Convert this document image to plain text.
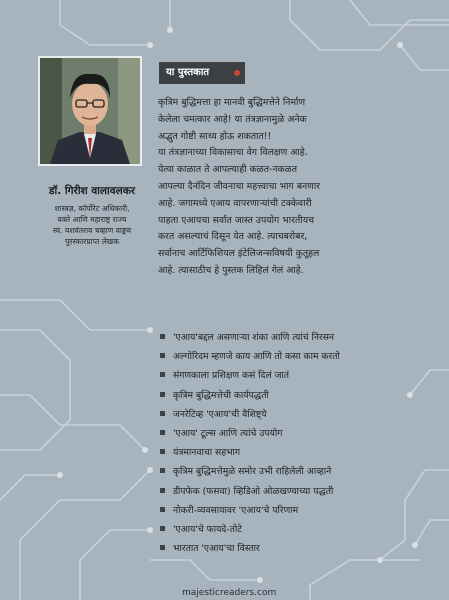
डॉ. गिरीश वालावलकर
शास्त्रज्ञ, कॉर्पोरेट अधिकारी,
वक्ते आणि महाराष्ट्र राज्य
स्व. यशवंतराव चव्हाण वाङ्मय
पुरस्कारप्राप्त लेखक
या पुस्तकात
कृत्रिम बुद्धिमत्ता हा मानवी बुद्धिमत्तेने निर्माण
केलेला चमत्कार आहे! या तंत्रज्ञानामुळे अनेक
अद्भुत गोष्टी साध्य होऊ शकतात!!
या तंत्रज्ञानाच्या विकासाचा वेग विलक्षण आहे.
येत्या काळात ते आपल्याही कळत-नकळत
आपल्या दैनंदिन जीवनाचा महत्त्वाचा भाग बनणार
आहे. जगामध्ये एआय वापरणाऱ्यांची टक्केवारी
पाहता एआयचा सर्वात जास्त उपयोग भारतीयच
करत असल्याचं दिसून येत आहे. त्याचबरोबर,
सर्वानाच आर्टिफिशियल इंटेलिजन्सविषयी कुतूहल
आहे. त्यासाठीच हे पुस्तक लिहिलं गेलं आहे.
'एआय'बद्दल असणाऱ्या शंका आणि त्यांचं निरसन
अल्गोरिदम म्हणजे काय आणि तो कसा काम करतो
संगणकाला प्रशिक्षण कसं दिलं जातं
कृत्रिम बुद्धिमत्तेची कार्यपद्धती
जनरेटिव्ह 'एआय'ची वैशिष्ट्ये
'एआय' टूल्स आणि त्यांचे उपयोग
यंत्रमानवाचा सहभाग
कृत्रिम बुद्धिमत्तेमुळे समोर उभी राहिलेली आव्हाने
डीपफेक (फसवा) व्हिडिओ ओळखण्याच्या पद्धती
नोकरी-व्यवसायावर 'एआय'चे परिणाम
'एआय'चे फायदे-तोटे
भारतात 'एआय'चा विस्तार
majesticreaders.com
